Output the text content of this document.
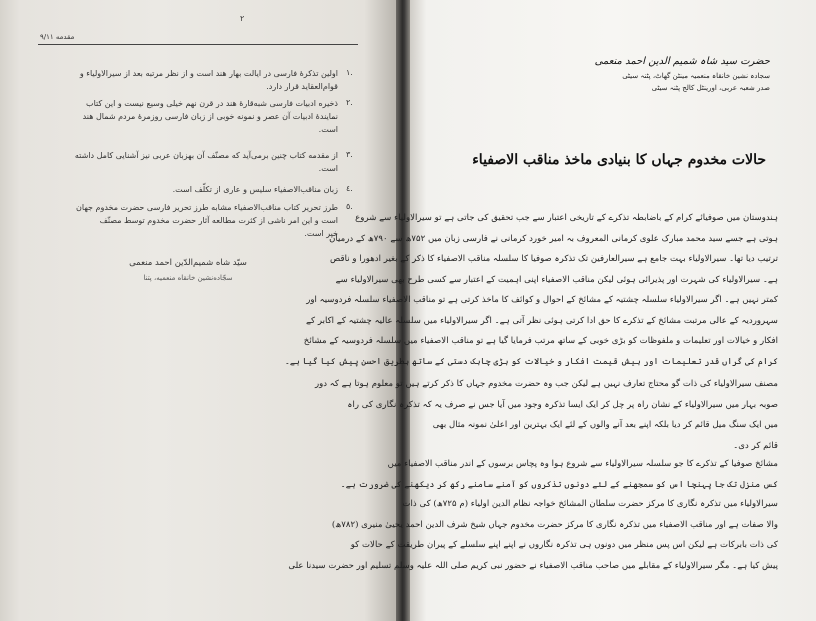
۲
مقدمه ۹/۱۱
۱.
اولین تذکرهٔ فارسی در ایالت بهار هند است و از نظر مرتبه بعد از سیرالاولیاء و
قوام‌العقاید قرار دارد.
۲.
ذخیره ادبیات فارسی شبه‌قارهٔ هند در قرن نهم خیلی وسیع نیست و این کتاب
نمایندهٔ ادبیات آن عصر و نمونه خوبی از زبان فارسی روزمرهٔ مردم شمال هند
است.
۳.
از مقدمه کتاب چنین برمی‌آید که مصنّف آن بهزبان عربی نیز آشنایی کامل داشته
است.
٤.
زبان مناقب‌الاصفیاء سلیس و عاری از تکلّف است.
٥.
طرز تحریر کتاب مناقب‌الاصفیاء مشابه طرز تحریر فارسی حضرت مخدوم جهان
است و این امر ناشی از کثرت مطالعه آثار حضرت مخدوم توسط مصنّف
خیر است.
سیّد شاه شمیم‌الدّین احمد منعمی
سجّاده‌نشین خانقاه منعمیه، پتنا
حضرت سید شاہ شمیم الدین احمد منعمی
سجادہ نشین خانقاہ منعمیہ مینٹن گھاٹ، پٹنہ سیٹی
صدر شعبہ عربی، اورینٹل کالج پٹنہ سیٹی
حالات مخدوم جہاں کا بنیادی ماخذ مناقب الاصفیاء
ہندوستان میں صوفیائے کرام کے باضابطہ تذکرے کے تاریخی اعتبار سے جب تحقیق کی جاتی ہے تو سیرالاولیاء سے شروع
ہوتی ہے جسے سید محمد مبارک علوی کرمانی المعروف بہ امیر خورد کرمانی نے فارسی زبان میں ۷۵۲ھ سے ۷۹۰ھ کے درمیان
ترتیب دیا تھا۔ سیرالاولیاء بہت جامع ہے سیرالعارفین تک تذکرہ صوفیا کا سلسلہ مناقب الاصفیاء کا ذکر کے بغیر ادھورا و ناقص
ہے۔ سیرالاولیاء کی شہرت اور پذیرائی ہوئی لیکن مناقب الاصفیاء اپنی اہمیت کے اعتبار سے کسی طرح بھی سیرالاولیاء سے
کمتر نہیں ہے۔ اگر سیرالاولیاء سلسلہ چشتیہ کے مشائخ کے احوال و کوائف کا ماخذ کرتی ہے تو مناقب الاصفیاء سلسلہ فردوسیہ اور
سہروردیہ کے عالی مرتبت مشائخ کے تذکرے کا حق ادا کرتی ہوئی نظر آتی ہے۔ اگر سیرالاولیاء میں سلسلہ عالیہ چشتیہ کے اکابر کے
افکار و خیالات اور تعلیمات و ملفوظات کو بڑی خوبی کے ساتھ مرتب فرمایا گیا ہے تو مناقب الاصفیاء میں سلسلہ فردوسیہ کے مشائخ
کرام کی گراں قدر تعلیمات اور بیش قیمت افکار و خیالات کو بڑی چابک دستی کے ساتھ بطریق احسن پیش کیا گیا ہے۔
مصنف سیرالاولیاء کی ذات گو محتاج تعارف نہیں ہے لیکن جب وہ حضرت مخدوم جہاں کا ذکر کرتے ہیں تو معلوم ہوتا ہے کہ دور
صوبہ بہار میں سیرالاولیاء کے نشان راہ پر چل کر ایک ایسا تذکرہ وجود میں آیا جس نے صرف یہ کہ تذکرہ نگاری کی راہ
میں ایک سنگ میل قائم کر دیا بلکہ اپنے بعد آنے والوں کے لئے ایک بہترین اور اعلیٰ نمونہ مثال بھی
قائم کر دی۔
مشائخ صوفیا کے تذکرے کا جو سلسلہ سیرالاولیاء سے شروع ہوا وہ پچاس برسوں کے اندر مناقب الاصفیاء میں
کس منزل تک جا پہنچا اس کو سمجھنے کے لئے دونوں تذکروں کو آمنے سامنے رکھ کر دیکھنے کی ضرورت ہے۔
سیرالاولیاء میں تذکرہ نگاری کا مرکز حضرت سلطان المشائخ خواجہ نظام الدین اولیاء (م ۷۲۵ھ) کی ذات
والا صفات ہے اور مناقب الاصفیاء میں تذکرہ نگاری کا مرکز حضرت مخدوم جہاں شیخ شرف الدین احمد یحییٰ منیری (۷۸۲ھ)
کی ذات بابرکات ہے لیکن اس پس منظر میں دونوں ہی تذکرہ نگاروں نے اپنے اپنے سلسلے کے پیران طریقت کے حالات کو
پیش کیا ہے۔ مگر سیرالاولیاء کے مقابلے میں صاحب مناقب الاصفیاء نے حضور نبی کریم صلی اللہ علیہ وسلم تسلیم اور حضرت سیدنا علی
